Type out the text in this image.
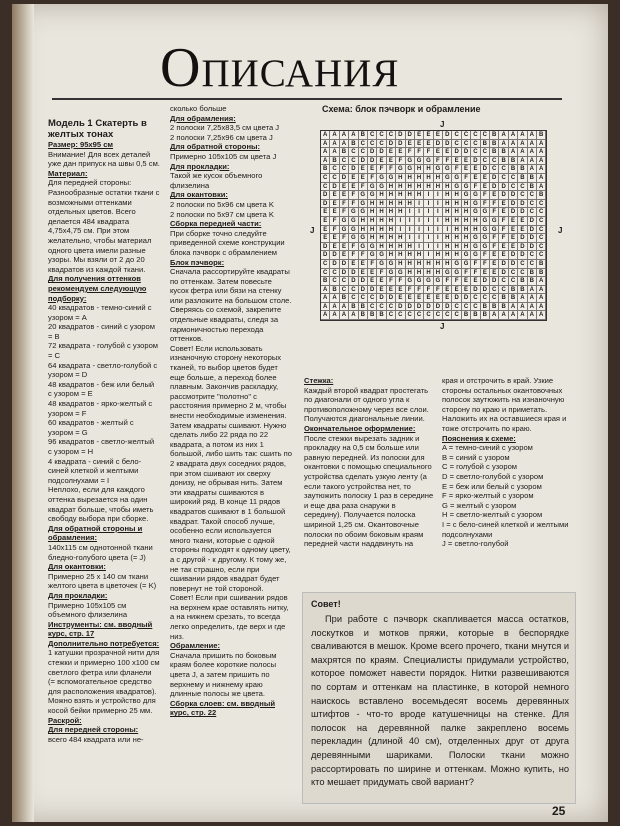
Описания

Модель 1 Скатерть в желтых тонах

Размер: 95х95 см

Внимание! Для всех деталей уже дан припуск на швы 0,5 см.

Материал:

Для передней стороны: Разнообразные остатки ткани с возможными оттенками отдельных цветов. Всего делается 484 квадрата 4,75х4,75 см. При этом желательно, чтобы материал одного цвета имели разные узоры. Мы взяли от 2 до 20 квадратов из каждой ткани.

Для получения оттенков рекомендуем следующую подборку:

40 квадратов - темно-синий с узором = A

20 квадратов - синий с узором = B

72 квадрата - голубой с узором = C

64 квадрата - светло-голубой с узором = D

48 квадратов - беж или белый с узором = E

48 квадратов - ярко-желтый с узором = F

60 квадратов - желтый с узором = G

96 квадратов - светло-желтый с узором = H

4 квадрата - синий с бело-синей клеткой и желтыми подсолнухами = I

Неплохо, если для каждого оттенка вырезается на один квадрат больше, чтобы иметь свободу выбора при сборке.

Для обратной стороны и обрамления:

140х115 см однотонной ткани бледно-голубого цвета (= J)

Для окантовки:

Примерно 25 х 140 см ткани желтого цвета в цветочек (= K)

Для прокладки:

Примерно 105х105 см объемного флизелина

Инструменты: см. вводный курс, стр. 17

Дополнительно потребуется:

1 катушки прозрачной нити для стежки и примерно 100 х100 см светлого фетра или фланели (= вспомогательное средство для расположения квадратов). Можно взять и устройство для косой бейки примерно 25 мм.

Раскрой:

Для передней стороны:

всего 484 квадрата или не-

сколько больше

Для обрамления:

2 полоски 7,25х83,5 см цвета J

2 полоски 7,25х96 см цвета J

Для обратной стороны:

Примерно 105х105 см цвета J

Для прокладки:

Такой же кусок объемного флизелина

Для окантовки:

2 полоски по 5х96 см цвета K

2 полоски по 5х97 см цвета K

Сборка передней части:

При сборке точно следуйте приведенной схеме конструкции блока пэчворк с обрамлением

Блок пэчворк:

Сначала рассортируйте квадраты по оттенкам. Затем повесьте кусок фетра или бязи на стенку или разложите на большом столе. Сверяясь со схемой, закрепите отдельные квадраты, следя за гармоничностью перехода оттенков.

Совет! Если использовать изнаночную сторону некоторых тканей, то выбор цветов будет еще больше, а переход более плавным. Закончив раскладку, рассмотрите "полотно" с расстояния примерно 2 м, чтобы внести необходимые изменения. Затем квадраты сшивают. Нужно сделать либо 22 ряда по 22 квадрата, а потом из них 1 большой, либо шить так: сшить по 2 квадрата двух соседних рядов, при этом сшивают их сверху донизу, не обрывая нить. Затем эти квадраты сшиваются в широкий ряд. В конце 11 рядов квадратов сшивают в 1 большой квадрат. Такой способ лучше, особенно если используется много ткани, которые с одной стороны подходят к одному цвету, а с другой - к другому. К тому же, не так страшно, если при сшивании рядов квадрат будет повернут не той стороной.

Совет! Если при сшивании рядов на верхнем крае оставлять нитку, а на нижнем срезать, то всегда легко определить, где верх и где низ.

Обрамление:

Сначала пришить по боковым краям более короткие полосы цвета J, а затем пришить по верхнему и нижнему краю длинные полосы же цвета.

Сборка слоев: см. вводный курс, стр. 22

Схема: блок пэчворк и обрамление
J
J	J
J
A A A A B C C C D D E E E D C C C C B A A A A B
A A A B C C C D D E E E D D C C C B B A A A A A
A A B C C D D E E F F F E E D D C C B B A A A A
A B C C D D E E F G G G F F E E D C C B B A A A
B C C D E E F F G G H H G G F E E D C C B B A A
C C D E E F G G H H H H H G G F E E D C C B B A
C D E E F G G H H H H H H H G G F E D D C C B A
D E E F G G H H H H H	I	I	H H G G F E D D C C B
D E F F G H H H H H	I	I	I	H H H G F F E D D C C
E E F G G H H H H	I	I	I	I	H H H G G F E D D C C
E F G G H H H H	I	I	I	I	I	H H H H G G F E E D C
E F G G H H H H	I	I	I	I	I	I	H H H G G F E E D C
E E F G G H H H H	I	I	I	I	H H H G G F F E D D C
D E E F G G H H H H	I	I	I	H H H G G F E E D D C
D D E F F G G H H H H	I	H H H G G F E E D D C C
C D D E E F G G H H H H H H G G F F E D D C C B
C C D D E E F G G H H H H G G F F E E D C C B B
B C C D D E E F F G G G G F F E E D D C C B B A
A B C C D D E E E F F F F E E E D D C C B B A A
A A B C C C D D E E E E E E D D C C C B B A A A
A A A B B C C C D D D D D D C C C B B B A A A A
A A A A B B B C C C C C C C C B B B A A A A A A

Стежка:

Каждый второй квадрат простегать по диагонали от одного угла к противоположному через все слои. Получаются диагональные линии.

Окончательное оформление:

После стежки вырезать задник и прокладку на 0,5 см больше или равную передней. Из полоски для окантовки с помощью специального устройства сделать узкую ленту (а если такого устройства нет, то заутюжить полоску 1 раз в середине и еще два раза снаружи в середину). Получается полоска шириной 1,25 см. Окантовочные полоски по обоим боковым краям передней части наддвинуть на

края и отстрочить в край. Узкие стороны остальных окантовочных полосок заутюжить на изнаночную сторону по краю и приметать. Наложить их на оставшиеся края и тоже отстрочить по краю.

Пояснения к схеме:

A = темно-синий с узором

B = синий с узором

C = голубой с узором

D = светло-голубой с узором

E = беж или белый с узором

F = ярко-желтый с узором

G = желтый с узором

H = светло-желтый с узором

I = с бело-синей клеткой и желтыми подсолнухами

J = светло-голубой

Совет!
При работе с пэчворк скапливается масса остатков, лоскутков и мотков пряжи, которые в беспорядке сваливаются в мешок. Кроме всего прочего, ткани мнутся и махрятся по краям. Специалисты придумали устройство, которое поможет навести порядок. Нитки развешиваются по сортам и оттенкам на пластинке, в которой немного наискось вставлено восемьдесят восемь деревянных штифтов - что-то вроде катушечницы на стенке. Для полосок на деревянной палке закреплено восемь перекладин (длиной 40 см), отделенных друг от друга деревянными шариками. Полоски ткани можно рассортировать по ширине и оттенкам. Можно купить, но кто мешает придумать свой вариант?
25
